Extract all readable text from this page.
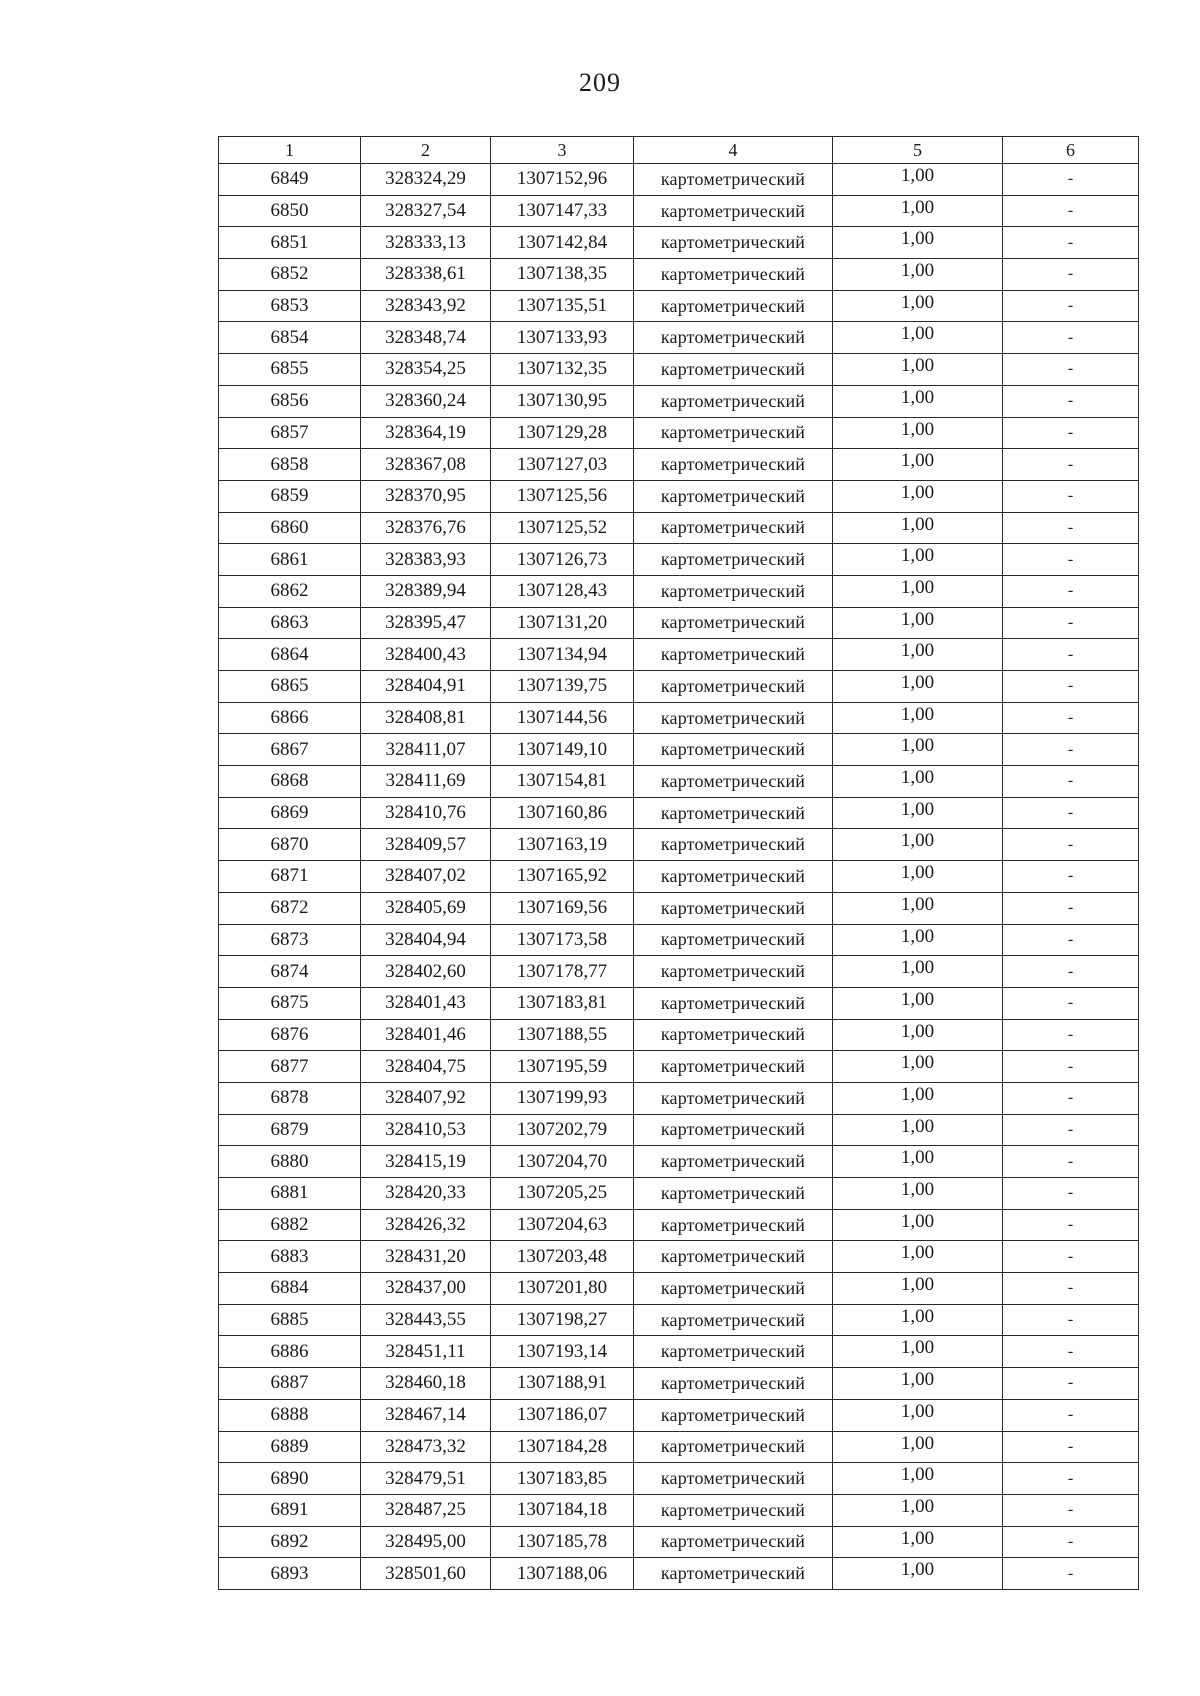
209
1	2	3	4	5	6
6849	328324,29	1307152,96	картометрический	1,00	-
6850	328327,54	1307147,33	картометрический	1,00	-
6851	328333,13	1307142,84	картометрический	1,00	-
6852	328338,61	1307138,35	картометрический	1,00	-
6853	328343,92	1307135,51	картометрический	1,00	-
6854	328348,74	1307133,93	картометрический	1,00	-
6855	328354,25	1307132,35	картометрический	1,00	-
6856	328360,24	1307130,95	картометрический	1,00	-
6857	328364,19	1307129,28	картометрический	1,00	-
6858	328367,08	1307127,03	картометрический	1,00	-
6859	328370,95	1307125,56	картометрический	1,00	-
6860	328376,76	1307125,52	картометрический	1,00	-
6861	328383,93	1307126,73	картометрический	1,00	-
6862	328389,94	1307128,43	картометрический	1,00	-
6863	328395,47	1307131,20	картометрический	1,00	-
6864	328400,43	1307134,94	картометрический	1,00	-
6865	328404,91	1307139,75	картометрический	1,00	-
6866	328408,81	1307144,56	картометрический	1,00	-
6867	328411,07	1307149,10	картометрический	1,00	-
6868	328411,69	1307154,81	картометрический	1,00	-
6869	328410,76	1307160,86	картометрический	1,00	-
6870	328409,57	1307163,19	картометрический	1,00	-
6871	328407,02	1307165,92	картометрический	1,00	-
6872	328405,69	1307169,56	картометрический	1,00	-
6873	328404,94	1307173,58	картометрический	1,00	-
6874	328402,60	1307178,77	картометрический	1,00	-
6875	328401,43	1307183,81	картометрический	1,00	-
6876	328401,46	1307188,55	картометрический	1,00	-
6877	328404,75	1307195,59	картометрический	1,00	-
6878	328407,92	1307199,93	картометрический	1,00	-
6879	328410,53	1307202,79	картометрический	1,00	-
6880	328415,19	1307204,70	картометрический	1,00	-
6881	328420,33	1307205,25	картометрический	1,00	-
6882	328426,32	1307204,63	картометрический	1,00	-
6883	328431,20	1307203,48	картометрический	1,00	-
6884	328437,00	1307201,80	картометрический	1,00	-
6885	328443,55	1307198,27	картометрический	1,00	-
6886	328451,11	1307193,14	картометрический	1,00	-
6887	328460,18	1307188,91	картометрический	1,00	-
6888	328467,14	1307186,07	картометрический	1,00	-
6889	328473,32	1307184,28	картометрический	1,00	-
6890	328479,51	1307183,85	картометрический	1,00	-
6891	328487,25	1307184,18	картометрический	1,00	-
6892	328495,00	1307185,78	картометрический	1,00	-
6893	328501,60	1307188,06	картометрический	1,00	-
